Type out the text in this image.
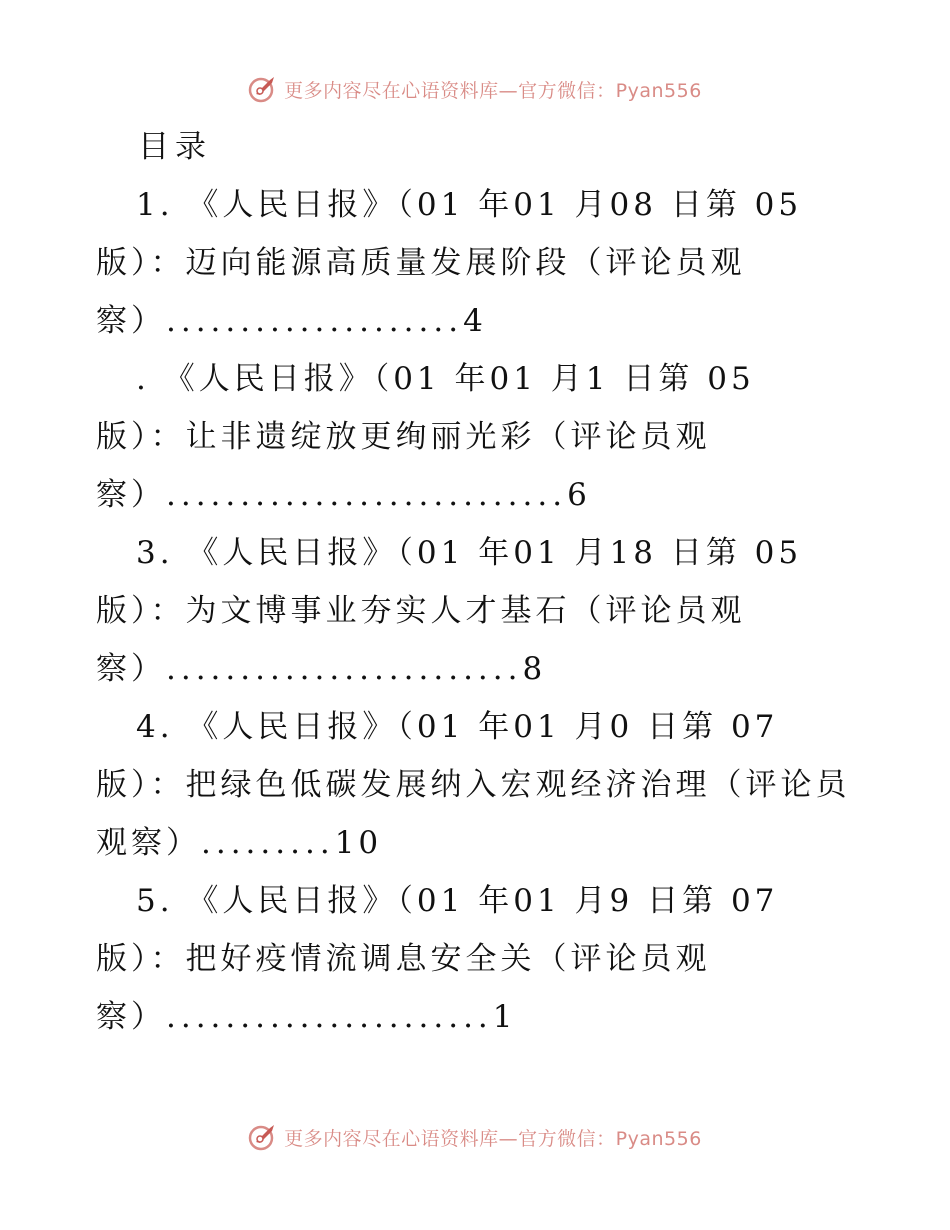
更多内容尽在心语资料库—官方微信：Pyan556
目录
1. 《人民日报》（01 年01 月08 日第 05
版）：迈向能源高质量发展阶段（评论员观
察）....................4
. 《人民日报》（01 年01 月1 日第 05
版）：让非遗绽放更绚丽光彩（评论员观
察）...........................6
3. 《人民日报》（01 年01 月18 日第 05
版）：为文博事业夯实人才基石（评论员观
察）........................8
4. 《人民日报》（01 年01 月0 日第 07
版）：把绿色低碳发展纳入宏观经济治理（评论员
观察）.........10
5. 《人民日报》（01 年01 月9 日第 07
版）：把好疫情流调息安全关（评论员观
察）......................1
更多内容尽在心语资料库—官方微信：Pyan556
